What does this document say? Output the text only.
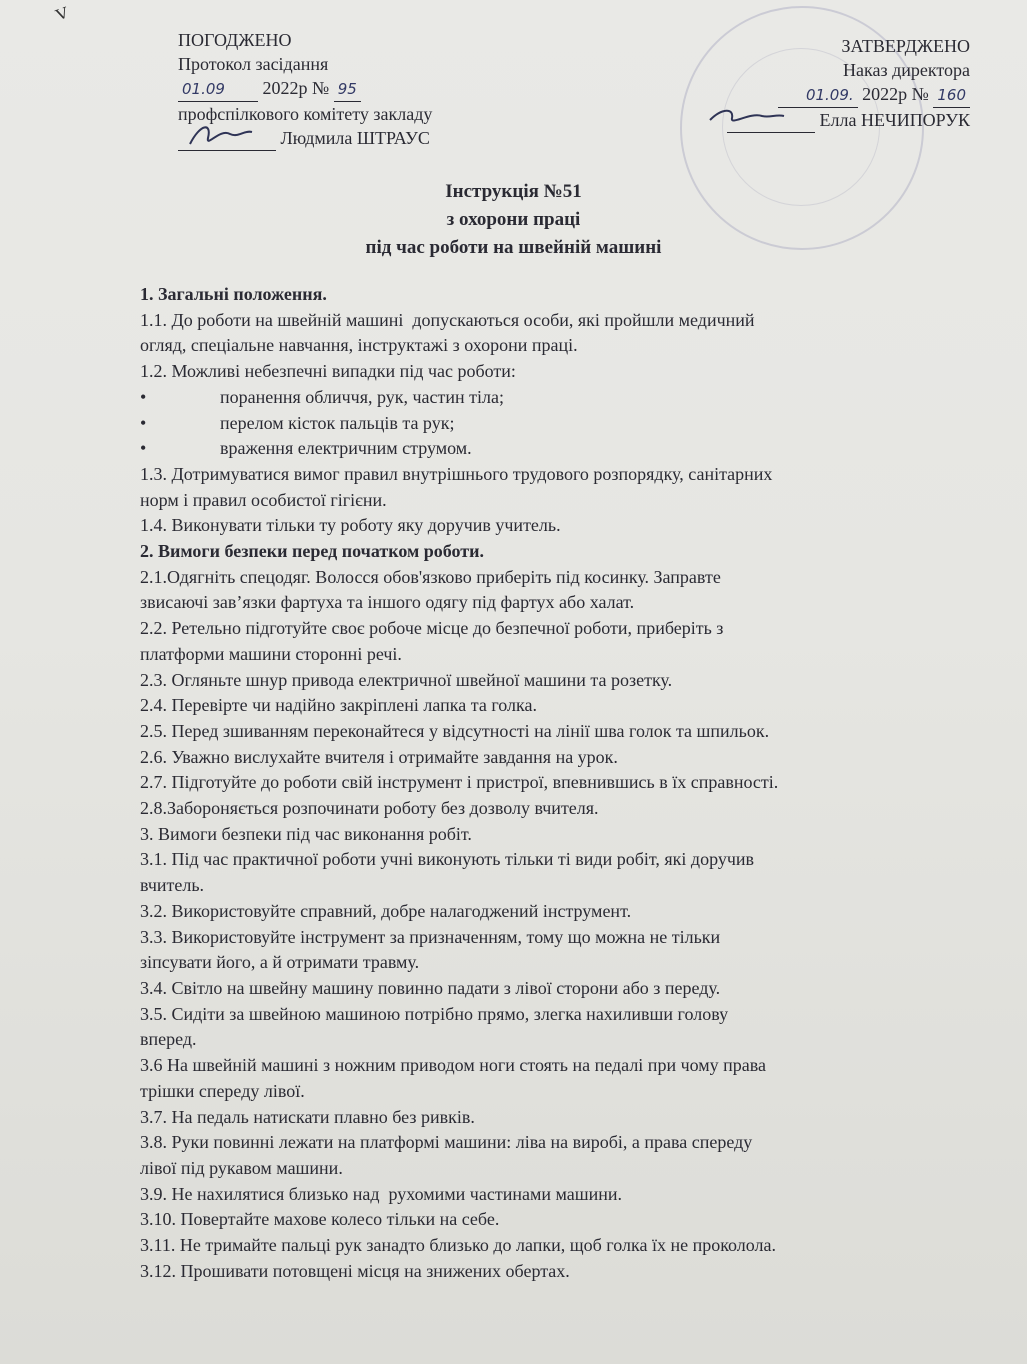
ⱽ
ПОГОДЖЕНО
Протокол засідання
01.09 2022р № 95
профспілкового комітету закладу
Людмила ШТРАУС
ЗАТВЕРДЖЕНО
Наказ директора
01.09. 2022р № 160
Елла НЕЧИПОРУК
Інструкція №51
з охорони праці
під час роботи на швейній машині
1. Загальні положення.
1.1. До роботи на швейній машині  допускаються особи, які пройшли медичний
огляд, спеціальне навчання, інструктажі з охорони праці.
1.2. Можливі небезпечні випадки під час роботи:
•	поранення обличчя, рук, частин тіла;
•	перелом кісток пальців та рук;
•	враження електричним струмом.
1.3. Дотримуватися вимог правил внутрішнього трудового розпорядку, санітарних
норм і правил особистої гігієни.
1.4. Виконувати тільки ту роботу яку доручив учитель.
2. Вимоги безпеки перед початком роботи.
2.1.Одягніть спецодяг. Волосся обов'язково приберіть під косинку. Заправте
звисаючі зав’язки фартуха та іншого одягу під фартух або халат.
2.2. Ретельно підготуйте своє робоче місце до безпечної роботи, приберіть з
платформи машини сторонні речі.
2.3. Огляньте шнур привода електричної швейної машини та розетку.
2.4. Перевірте чи надійно закріплені лапка та голка.
2.5. Перед зшиванням переконайтеся у відсутності на лінії шва голок та шпильок.
2.6. Уважно вислухайте вчителя і отримайте завдання на урок.
2.7. Підготуйте до роботи свій інструмент і пристрої, впевнившись в їх справності.
2.8.Забороняється розпочинати роботу без дозволу вчителя.
3. Вимоги безпеки під час виконання робіт.
3.1. Під час практичної роботи учні виконують тільки ті види робіт, які доручив
вчитель.
3.2. Використовуйте справний, добре налагоджений інструмент.
3.3. Використовуйте інструмент за призначенням, тому що можна не тільки
зіпсувати його, а й отримати травму.
3.4. Світло на швейну машину повинно падати з лівої сторони або з переду.
3.5. Сидіти за швейною машиною потрібно прямо, злегка нахиливши голову
вперед.
3.6 На швейній машині з ножним приводом ноги стоять на педалі при чому права
трішки спереду лівої.
3.7. На педаль натискати плавно без ривків.
3.8. Руки повинні лежати на платформі машини: ліва на виробі, а права спереду
лівої під рукавом машини.
3.9. Не нахилятися близько над  рухомими частинами машини.
3.10. Повертайте махове колесо тільки на себе.
3.11. Не тримайте пальці рук занадто близько до лапки, щоб голка їх не проколола.
3.12. Прошивати потовщені місця на знижених обертах.
